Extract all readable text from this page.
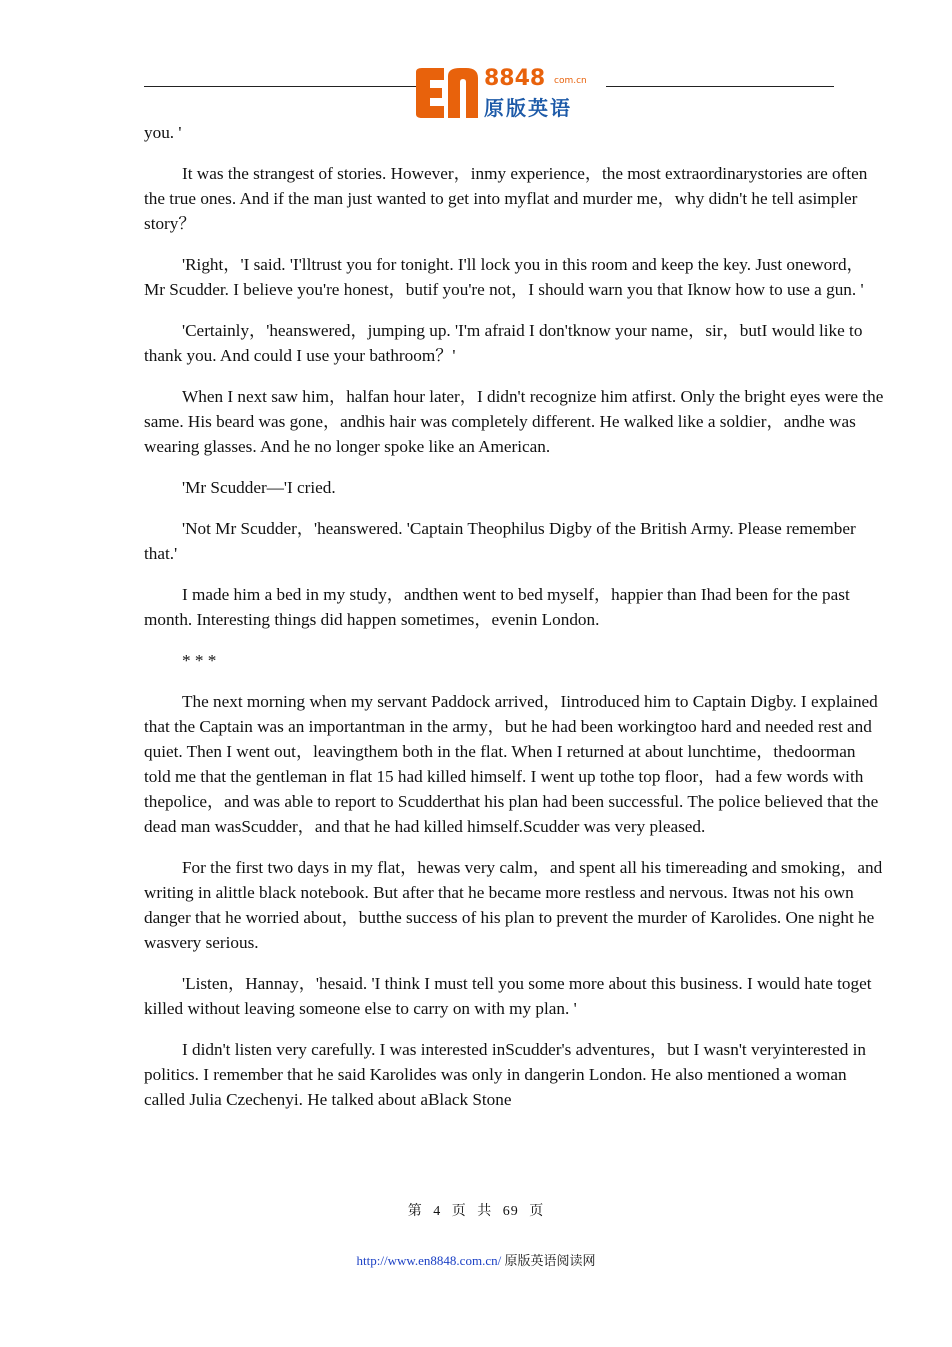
8848 com.cn
原版英语

you. '

It was the strangest of stories. However，inmy experience，the most extraordinarystories are often the true ones. And if the man just wanted to get into myflat and murder me，why didn't he tell asimpler story？

'Right，'I said. 'I'lltrust you for tonight. I'll lock you in this room and keep the key. Just oneword，Mr Scudder. I believe you're honest，butif you're not，I should warn you that Iknow how to use a gun. '

'Certainly，'heanswered，jumping up. 'I'm afraid I don'tknow your name，sir，butI would like to thank you. And could I use your bathroom？'

When I next saw him，halfan hour later，I didn't recognize him atfirst. Only the bright eyes were the same. His beard was gone，andhis hair was completely different. He walked like a soldier，andhe was wearing glasses. And he no longer spoke like an American.

'Mr Scudder—'I cried.

'Not Mr Scudder，'heanswered. 'Captain Theophilus Digby of the British Army. Please remember that.'

I made him a bed in my study，andthen went to bed myself，happier than Ihad been for the past month. Interesting things did happen sometimes，evenin London.

* * *

The next morning when my servant Paddock arrived，Iintroduced him to Captain Digby. I explained that the Captain was an importantman in the army，but he had been workingtoo hard and needed rest and quiet. Then I went out，leavingthem both in the flat. When I returned at about lunchtime，thedoorman told me that the gentleman in flat 15 had killed himself. I went up tothe top floor，had a few words with thepolice，and was able to report to Scudderthat his plan had been successful. The police believed that the dead man wasScudder，and that he had killed himself.Scudder was very pleased.

For the first two days in my flat，hewas very calm，and spent all his timereading and smoking，and writing in alittle black notebook. But after that he became more restless and nervous. Itwas not his own danger that he worried about，butthe success of his plan to prevent the murder of Karolides. One night he wasvery serious.

'Listen，Hannay，'hesaid. 'I think I must tell you some more about this business. I would hate toget killed without leaving someone else to carry on with my plan. '

I didn't listen very carefully. I was interested inScudder's adventures，but I wasn't veryinterested in politics. I remember that he said Karolides was only in dangerin London. He also mentioned a woman called Julia Czechenyi. He talked about aBlack Stone

第 4 页 共 69 页
http://www.en8848.com.cn/ 原版英语阅读网
